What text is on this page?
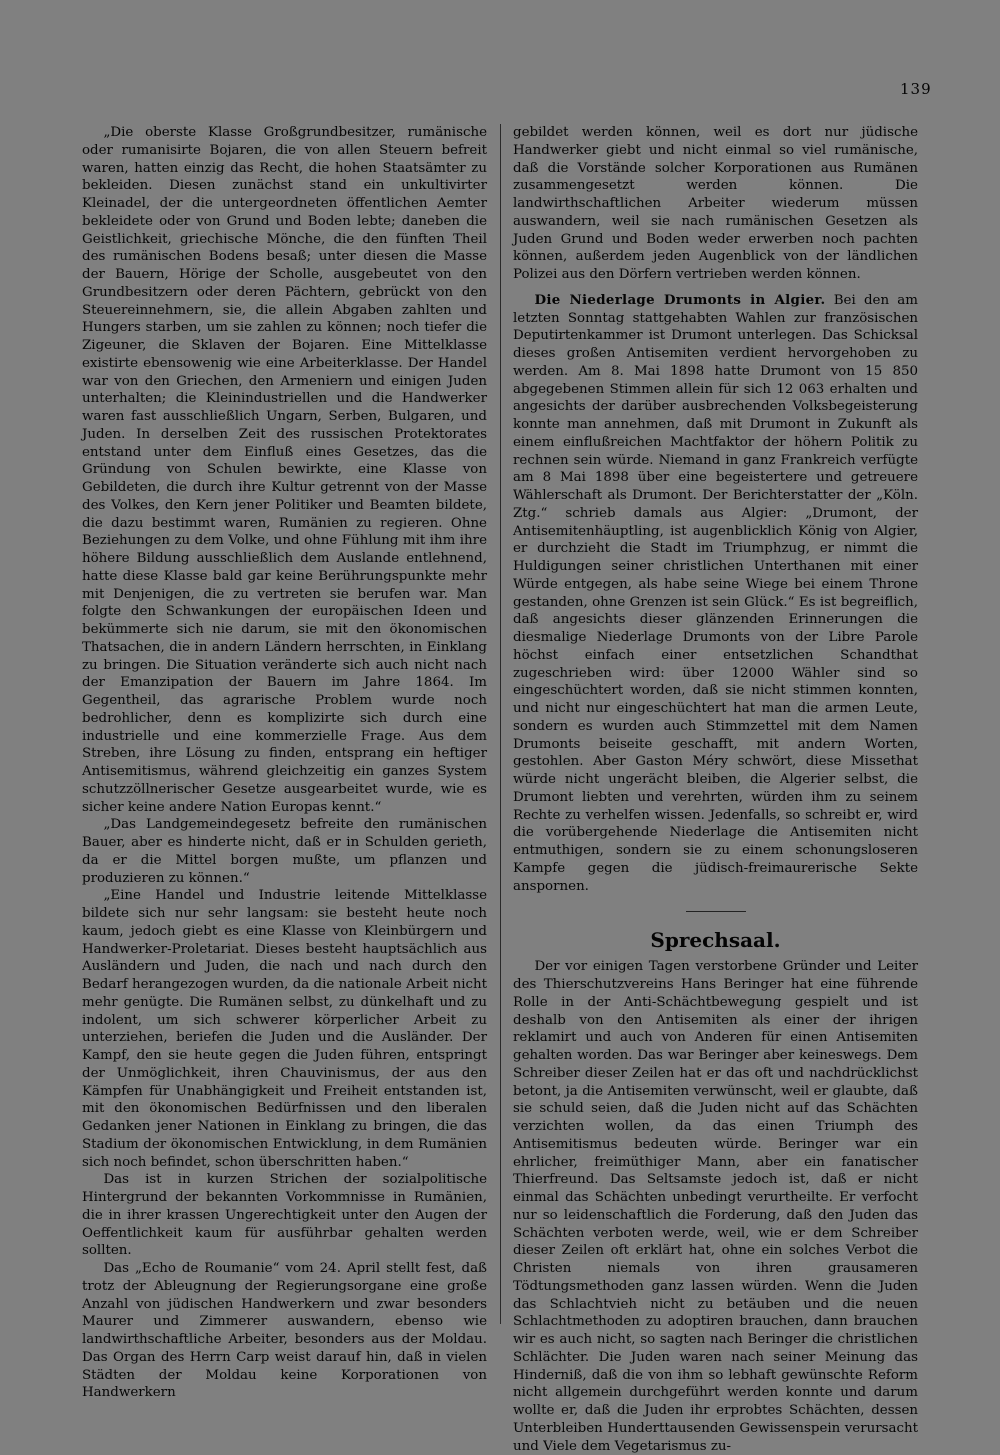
139

„Die oberste Klasse Großgrundbesitzer, rumänische oder rumanisirte Bojaren, die von allen Steuern befreit waren, hatten einzig das Recht, die hohen Staatsämter zu bekleiden. Diesen zunächst stand ein unkultivirter Kleinadel, der die untergeordneten öffentlichen Aemter bekleidete oder von Grund und Boden lebte; daneben die Geistlichkeit, griechische Mönche, die den fünften Theil des rumänischen Bodens besaß; unter diesen die Masse der Bauern, Hörige der Scholle, ausgebeutet von den Grundbesitzern oder deren Pächtern, gebrückt von den Steuereinnehmern, sie, die allein Abgaben zahlten und Hungers starben, um sie zahlen zu können; noch tiefer die Zigeuner, die Sklaven der Bojaren. Eine Mittelklasse existirte ebensowenig wie eine Arbeiterklasse. Der Handel war von den Griechen, den Armeniern und einigen Juden unterhalten; die Kleinindustriellen und die Handwerker waren fast ausschließlich Ungarn, Serben, Bulgaren, und Juden. In derselben Zeit des russischen Protektorates entstand unter dem Einfluß eines Gesetzes, das die Gründung von Schulen bewirkte, eine Klasse von Gebildeten, die durch ihre Kultur getrennt von der Masse des Volkes, den Kern jener Politiker und Beamten bildete, die dazu bestimmt waren, Rumänien zu regieren. Ohne Beziehungen zu dem Volke, und ohne Fühlung mit ihm ihre höhere Bildung ausschließlich dem Auslande entlehnend, hatte diese Klasse bald gar keine Berührungspunkte mehr mit Denjenigen, die zu vertreten sie berufen war. Man folgte den Schwankungen der europäischen Ideen und bekümmerte sich nie darum, sie mit den ökonomischen Thatsachen, die in andern Ländern herrschten, in Einklang zu bringen. Die Situation veränderte sich auch nicht nach der Emanzipation der Bauern im Jahre 1864. Im Gegentheil, das agrarische Problem wurde noch bedrohlicher, denn es komplizirte sich durch eine industrielle und eine kommerzielle Frage. Aus dem Streben, ihre Lösung zu finden, entsprang ein heftiger Antisemitismus, während gleichzeitig ein ganzes System schutzzöllnerischer Gesetze ausgearbeitet wurde, wie es sicher keine andere Nation Europas kennt.“

„Das Landgemeindegesetz befreite den rumänischen Bauer, aber es hinderte nicht, daß er in Schulden gerieth, da er die Mittel borgen mußte, um pflanzen und produzieren zu können.“

„Eine Handel und Industrie leitende Mittelklasse bildete sich nur sehr langsam: sie besteht heute noch kaum, jedoch giebt es eine Klasse von Kleinbürgern und Handwerker-Proletariat. Dieses besteht hauptsächlich aus Ausländern und Juden, die nach und nach durch den Bedarf herangezogen wurden, da die nationale Arbeit nicht mehr genügte. Die Rumänen selbst, zu dünkelhaft und zu indolent, um sich schwerer körperlicher Arbeit zu unterziehen, beriefen die Juden und die Ausländer. Der Kampf, den sie heute gegen die Juden führen, entspringt der Unmöglichkeit, ihren Chauvinismus, der aus den Kämpfen für Unabhängigkeit und Freiheit entstanden ist, mit den ökonomischen Bedürfnissen und den liberalen Gedanken jener Nationen in Einklang zu bringen, die das Stadium der ökonomischen Entwicklung, in dem Rumänien sich noch befindet, schon überschritten haben.“

Das ist in kurzen Strichen der sozialpolitische Hintergrund der bekannten Vorkommnisse in Rumänien, die in ihrer krassen Ungerechtigkeit unter den Augen der Oeffentlichkeit kaum für ausführbar gehalten werden sollten.

Das „Echo de Roumanie“ vom 24. April stellt fest, daß trotz der Ableugnung der Regierungsorgane eine große Anzahl von jüdischen Handwerkern und zwar besonders Maurer und Zimmerer auswandern, ebenso wie landwirthschaftliche Arbeiter, besonders aus der Moldau. Das Organ des Herrn Carp weist darauf hin, daß in vielen Städten der Moldau keine Korporationen von Handwerkern

gebildet werden können, weil es dort nur jüdische Handwerker giebt und nicht einmal so viel rumänische, daß die Vorstände solcher Korporationen aus Rumänen zusammengesetzt werden können. Die landwirthschaftlichen Arbeiter wiederum müssen auswandern, weil sie nach rumänischen Gesetzen als Juden Grund und Boden weder erwerben noch pachten können, außerdem jeden Augenblick von der ländlichen Polizei aus den Dörfern vertrieben werden können.

Die Niederlage Drumonts in Algier. Bei den am letzten Sonntag stattgehabten Wahlen zur französischen Deputirtenkammer ist Drumont unterlegen. Das Schicksal dieses großen Antisemiten verdient hervorgehoben zu werden. Am 8. Mai 1898 hatte Drumont von 15 850 abgegebenen Stimmen allein für sich 12 063 erhalten und angesichts der darüber ausbrechenden Volksbegeisterung konnte man annehmen, daß mit Drumont in Zukunft als einem einflußreichen Machtfaktor der höhern Politik zu rechnen sein würde. Niemand in ganz Frankreich verfügte am 8 Mai 1898 über eine begeistertere und getreuere Wählerschaft als Drumont. Der Berichterstatter der „Köln. Ztg.“ schrieb damals aus Algier: „Drumont, der Antisemitenhäuptling, ist augenblicklich König von Algier, er durchzieht die Stadt im Triumphzug, er nimmt die Huldigungen seiner christlichen Unterthanen mit einer Würde entgegen, als habe seine Wiege bei einem Throne gestanden, ohne Grenzen ist sein Glück.“ Es ist begreiflich, daß angesichts dieser glänzenden Erinnerungen die diesmalige Niederlage Drumonts von der Libre Parole höchst einfach einer entsetzlichen Schandthat zugeschrieben wird: über 12000 Wähler sind so eingeschüchtert worden, daß sie nicht stimmen konnten, und nicht nur eingeschüchtert hat man die armen Leute, sondern es wurden auch Stimmzettel mit dem Namen Drumonts beiseite geschafft, mit andern Worten, gestohlen. Aber Gaston Méry schwört, diese Missethat würde nicht ungerächt bleiben, die Algerier selbst, die Drumont liebten und verehrten, würden ihm zu seinem Rechte zu verhelfen wissen. Jedenfalls, so schreibt er, wird die vorübergehende Niederlage die Antisemiten nicht entmuthigen, sondern sie zu einem schonungsloseren Kampfe gegen die jüdisch-freimaurerische Sekte anspornen.

Sprechsaal.

Der vor einigen Tagen verstorbene Gründer und Leiter des Thierschutzvereins Hans Beringer hat eine führende Rolle in der Anti-Schächtbewegung gespielt und ist deshalb von den Antisemiten als einer der ihrigen reklamirt und auch von Anderen für einen Antisemiten gehalten worden. Das war Beringer aber keineswegs. Dem Schreiber dieser Zeilen hat er das oft und nachdrücklichst betont, ja die Antisemiten verwünscht, weil er glaubte, daß sie schuld seien, daß die Juden nicht auf das Schächten verzichten wollen, da das einen Triumph des Antisemitismus bedeuten würde. Beringer war ein ehrlicher, freimüthiger Mann, aber ein fanatischer Thierfreund. Das Seltsamste jedoch ist, daß er nicht einmal das Schächten unbedingt verurtheilte. Er verfocht nur so leidenschaftlich die Forderung, daß den Juden das Schächten verboten werde, weil, wie er dem Schreiber dieser Zeilen oft erklärt hat, ohne ein solches Verbot die Christen niemals von ihren grausameren Tödtungsmethoden ganz lassen würden. Wenn die Juden das Schlachtvieh nicht zu betäuben und die neuen Schlachtmethoden zu adoptiren brauchen, dann brauchen wir es auch nicht, so sagten nach Beringer die christlichen Schlächter. Die Juden waren nach seiner Meinung das Hinderniß, daß die von ihm so lebhaft gewünschte Reform nicht allgemein durchgeführt werden konnte und darum wollte er, daß die Juden ihr erprobtes Schächten, dessen Unterbleiben Hunderttausenden Gewissenspein verursacht und Viele dem Vegetarismus zu-
